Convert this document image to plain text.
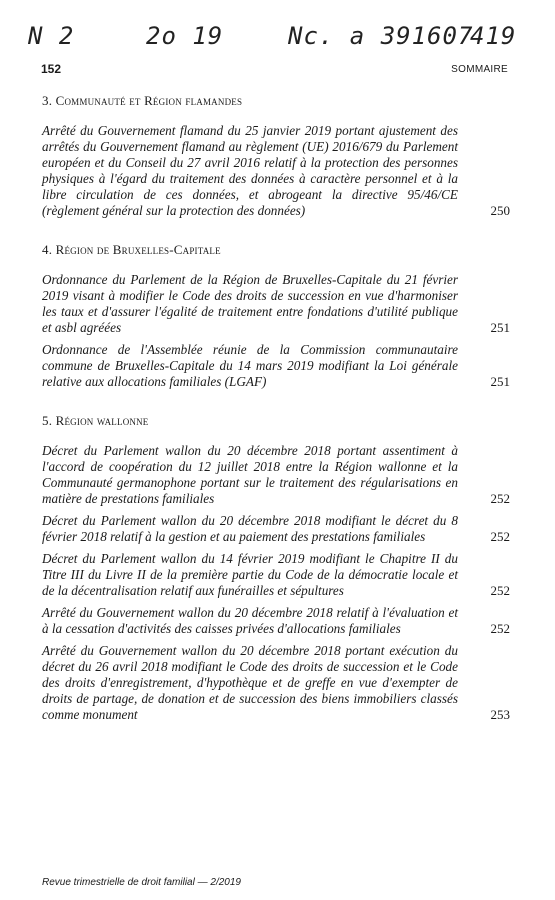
N 2	2o 19	Nc. a 391607
419
152	SOMMAIRE
3. Communauté et Région flamandes
Arrêté du Gouvernement flamand du 25 janvier 2019 portant ajustement des arrêtés du Gouvernement flamand au règlement (UE) 2016/679 du Parlement européen et du Conseil du 27 avril 2016 relatif à la protection des personnes physiques à l'égard du traitement des données à caractère personnel et à la libre circulation de ces données, et abrogeant la directive 95/46/CE (règlement général sur la protection des données)	250
4. Région de Bruxelles-Capitale
Ordonnance du Parlement de la Région de Bruxelles-Capitale du 21 février 2019 visant à modifier le Code des droits de succession en vue d'harmoniser les taux et d'assurer l'égalité de traitement entre fondations d'utilité publique et asbl agréées	251
Ordonnance de l'Assemblée réunie de la Commission communautaire commune de Bruxelles-Capitale du 14 mars 2019 modifiant la Loi générale relative aux allocations familiales (LGAF)	251
5. Région wallonne
Décret du Parlement wallon du 20 décembre 2018 portant assentiment à l'accord de coopération du 12 juillet 2018 entre la Région wallonne et la Communauté germanophone portant sur le traitement des régularisations en matière de prestations familiales	252
Décret du Parlement wallon du 20 décembre 2018 modifiant le décret du 8 février 2018 relatif à la gestion et au paiement des prestations familiales	252
Décret du Parlement wallon du 14 février 2019 modifiant le Chapitre II du Titre III du Livre II de la première partie du Code de la démocratie locale et de la décentralisation relatif aux funérailles et sépultures	252
Arrêté du Gouvernement wallon du 20 décembre 2018 relatif à l'évaluation et à la cessation d'activités des caisses privées d'allocations familiales	252
Arrêté du Gouvernement wallon du 20 décembre 2018 portant exécution du décret du 26 avril 2018 modifiant le Code des droits de succession et le Code des droits d'enregistrement, d'hypothèque et de greffe en vue d'exempter de droits de partage, de donation et de succession des biens immobiliers classés comme monument	253
Revue trimestrielle de droit familial — 2/2019
